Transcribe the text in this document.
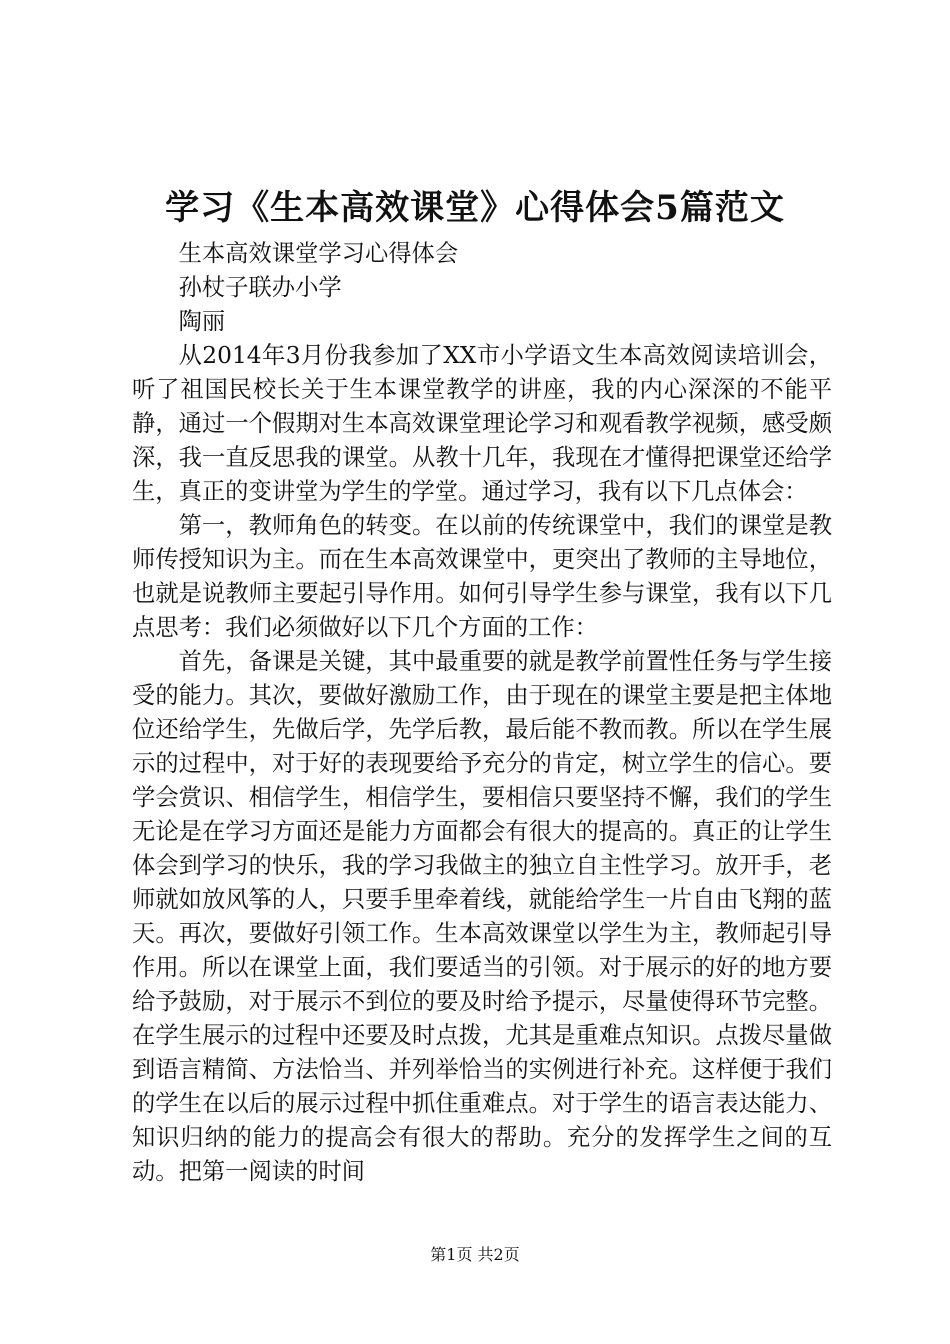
学习《生本高效课堂》心得体会5篇范文

生本高效课堂学习心得体会

孙杖子联办小学

陶丽

从2014年3月份我参加了XX市小学语文生本高效阅读培训会，听了祖国民校长关于生本课堂教学的讲座，我的内心深深的不能平静，通过一个假期对生本高效课堂理论学习和观看教学视频，感受颇深，我一直反思我的课堂。从教十几年，我现在才懂得把课堂还给学生，真正的变讲堂为学生的学堂。通过学习，我有以下几点体会：

第一，教师角色的转变。在以前的传统课堂中，我们的课堂是教师传授知识为主。而在生本高效课堂中，更突出了教师的主导地位，也就是说教师主要起引导作用。如何引导学生参与课堂，我有以下几点思考：我们必须做好以下几个方面的工作：

首先，备课是关键，其中最重要的就是教学前置性任务与学生接受的能力。其次，要做好激励工作，由于现在的课堂主要是把主体地位还给学生，先做后学，先学后教，最后能不教而教。所以在学生展示的过程中，对于好的表现要给予充分的肯定，树立学生的信心。要学会赏识、相信学生，相信学生，要相信只要坚持不懈，我们的学生无论是在学习方面还是能力方面都会有很大的提高的。真正的让学生体会到学习的快乐，我的学习我做主的独立自主性学习。放开手，老师就如放风筝的人，只要手里牵着线，就能给学生一片自由飞翔的蓝天。再次，要做好引领工作。生本高效课堂以学生为主，教师起引导作用。所以在课堂上面，我们要适当的引领。对于展示的好的地方要给予鼓励，对于展示不到位的要及时给予提示，尽量使得环节完整。在学生展示的过程中还要及时点拨，尤其是重难点知识。点拨尽量做到语言精简、方法恰当、并列举恰当的实例进行补充。这样便于我们的学生在以后的展示过程中抓住重难点。对于学生的语言表达能力、知识归纳的能力的提高会有很大的帮助。充分的发挥学生之间的互动。把第一阅读的时间

第1页 共2页
